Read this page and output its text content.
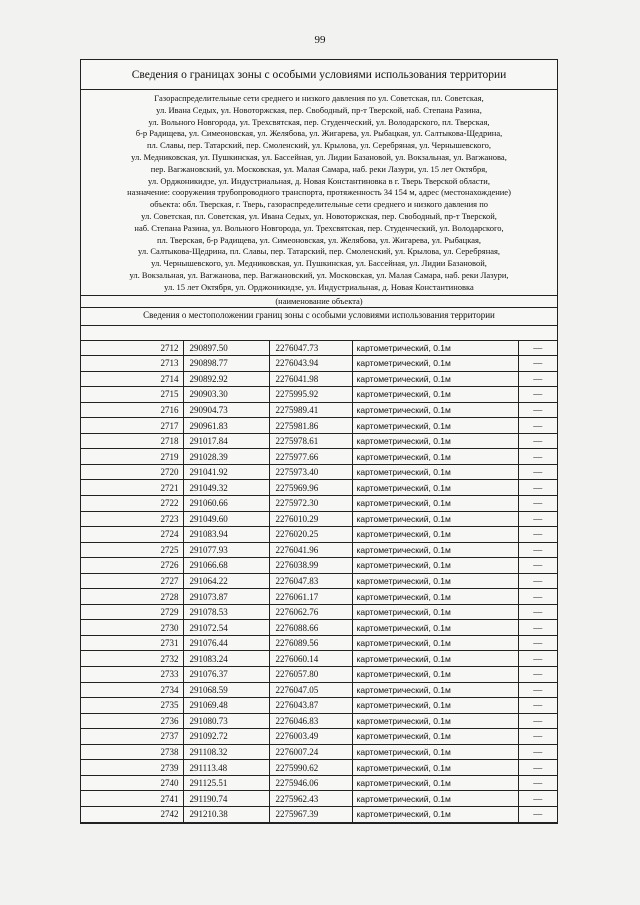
99
Сведения о границах зоны с особыми условиями использования территории
Газораспределительные сети среднего и низкого давления по ул. Советская, пл. Советская,
ул. Ивана Седых, ул. Новоторжская, пер. Свободный, пр-т Тверской, наб. Степана Разина,
ул. Вольного Новгорода, ул. Трехсвятская, пер. Студенческий, ул. Володарского, пл. Тверская,
б-р Радищева, ул. Симеоновская, ул. Желябова, ул. Жигарева, ул. Рыбацкая, ул. Салтыкова-Щедрина,
пл. Славы, пер. Татарский, пер. Смоленский, ул. Крылова, ул. Серебряная, ул. Чернышевского,
ул. Медниковская, ул. Пушкинская, ул. Бассейная, ул. Лидии Базановой, ул. Вокзальная, ул. Вагжанова,
пер. Вагжановский, ул. Московская, ул. Малая Самара, наб. реки Лазури, ул. 15 лет Октября,
ул. Орджоникидзе, ул. Индустриальная, д. Новая Константиновка в г. Тверь Тверской области,
назначение: сооружения трубопроводного транспорта, протяженность 34 154 м, адрес (местонахождение)
объекта: обл. Тверская, г. Тверь, газораспределительные сети среднего и низкого давления по
ул. Советская, пл. Советская, ул. Ивана Седых, ул. Новоторжская, пер. Свободный, пр-т Тверской,
наб. Степана Разина, ул. Вольного Новгорода, ул. Трехсвятская, пер. Студенческий, ул. Володарского,
пл. Тверская, б-р Радищева, ул. Симеоновская, ул. Желябова, ул. Жигарева, ул. Рыбацкая,
ул. Салтыкова-Щедрина, пл. Славы, пер. Татарский, пер. Смоленский, ул. Крылова, ул. Серебряная,
ул. Чернышевского, ул. Медниковская, ул. Пушкинская, ул. Бассейная, ул. Лидии Базановой,
ул. Вокзальная, ул. Вагжанова, пер. Вагжановский, ул. Московская, ул. Малая Самара, наб. реки Лазури,
ул. 15 лет Октября, ул. Орджоникидзе, ул. Индустриальная, д. Новая Константиновка
(наименование объекта)
Сведения о местоположении границ зоны с особыми условиями использования территории
2712	290897.50	2276047.73	картометрический, 0.1м	—
2713	290898.77	2276043.94	картометрический, 0.1м	—
2714	290892.92	2276041.98	картометрический, 0.1м	—
2715	290903.30	2275995.92	картометрический, 0.1м	—
2716	290904.73	2275989.41	картометрический, 0.1м	—
2717	290961.83	2275981.86	картометрический, 0.1м	—
2718	291017.84	2275978.61	картометрический, 0.1м	—
2719	291028.39	2275977.66	картометрический, 0.1м	—
2720	291041.92	2275973.40	картометрический, 0.1м	—
2721	291049.32	2275969.96	картометрический, 0.1м	—
2722	291060.66	2275972.30	картометрический, 0.1м	—
2723	291049.60	2276010.29	картометрический, 0.1м	—
2724	291083.94	2276020.25	картометрический, 0.1м	—
2725	291077.93	2276041.96	картометрический, 0.1м	—
2726	291066.68	2276038.99	картометрический, 0.1м	—
2727	291064.22	2276047.83	картометрический, 0.1м	—
2728	291073.87	2276061.17	картометрический, 0.1м	—
2729	291078.53	2276062.76	картометрический, 0.1м	—
2730	291072.54	2276088.66	картометрический, 0.1м	—
2731	291076.44	2276089.56	картометрический, 0.1м	—
2732	291083.24	2276060.14	картометрический, 0.1м	—
2733	291076.37	2276057.80	картометрический, 0.1м	—
2734	291068.59	2276047.05	картометрический, 0.1м	—
2735	291069.48	2276043.87	картометрический, 0.1м	—
2736	291080.73	2276046.83	картометрический, 0.1м	—
2737	291092.72	2276003.49	картометрический, 0.1м	—
2738	291108.32	2276007.24	картометрический, 0.1м	—
2739	291113.48	2275990.62	картометрический, 0.1м	—
2740	291125.51	2275946.06	картометрический, 0.1м	—
2741	291190.74	2275962.43	картометрический, 0.1м	—
2742	291210.38	2275967.39	картометрический, 0.1м	—
